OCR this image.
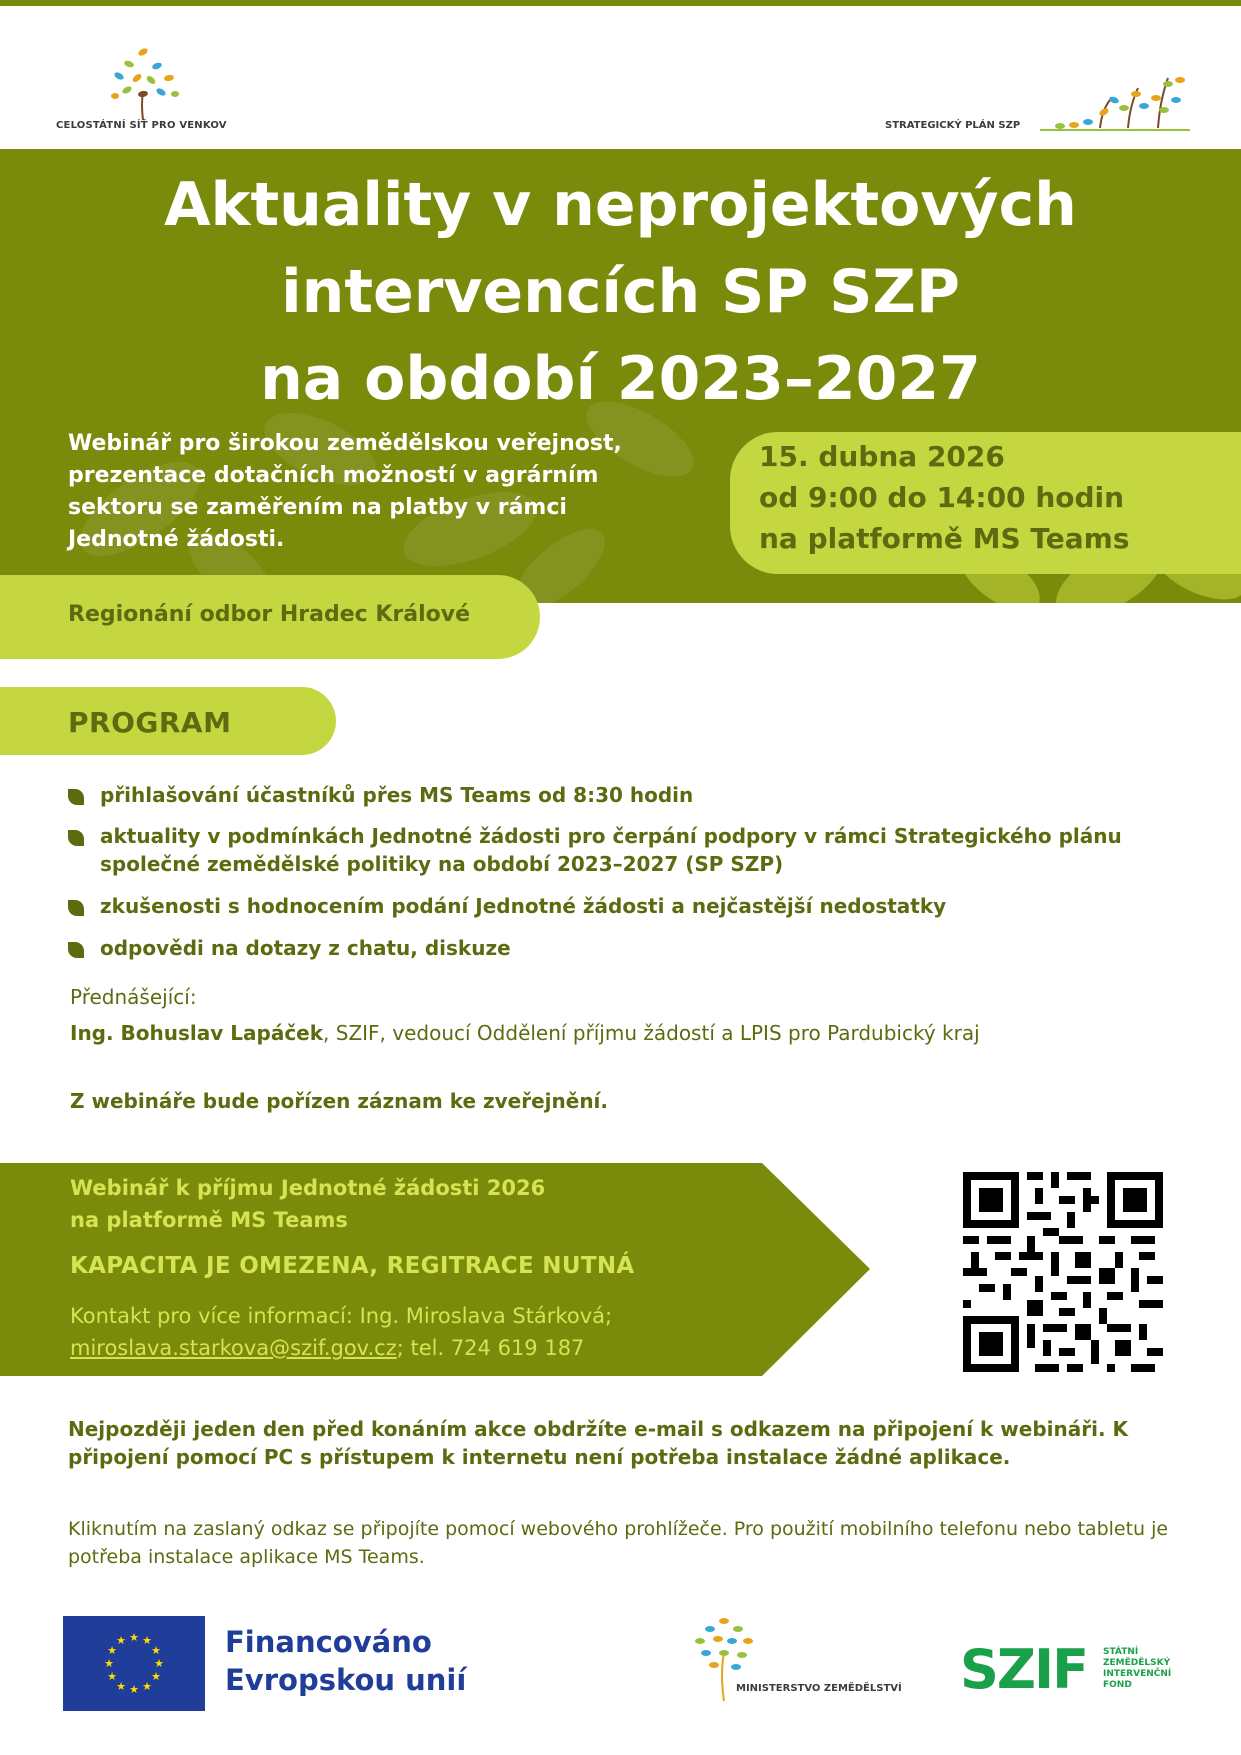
CELOSTÁTNÍ SÍŤ PRO VENKOV	STRATEGICKÝ PLÁN SZP
Aktuality v neprojektových
intervencích SP SZP
na období 2023–2027
Webinář pro širokou zemědělskou veřejnost,
prezentace dotačních možností v agrárním
sektoru se zaměřením na platby v rámci
Jednotné žádosti.
15. dubna 2026
od 9:00 do 14:00 hodin
na platformě MS Teams
Regionání odbor Hradec Králové
PROGRAM
přihlašování účastníků přes MS Teams od 8:30 hodin
aktuality v podmínkách Jednotné žádosti pro čerpání podpory v rámci Strategického plánu společné zemědělské politiky na období 2023–2027 (SP SZP)
zkušenosti s hodnocením podání Jednotné žádosti a nejčastější nedostatky
odpovědi na dotazy z chatu, diskuze
Přednášející:
Ing. Bohuslav Lapáček, SZIF, vedoucí Oddělení příjmu žádostí a LPIS pro Pardubický kraj
Z webináře bude pořízen záznam ke zveřejnění.
Webinář k příjmu Jednotné žádosti 2026
na platformě MS Teams
KAPACITA JE OMEZENA, REGITRACE NUTNÁ
Kontakt pro více informací: Ing. Miroslava Stárková;
miroslava.starkova@szif.gov.cz; tel. 724 619 187
Nejpozději jeden den před konáním akce obdržíte e-mail s odkazem na připojení k webináři. K připojení pomocí PC s přístupem k internetu není potřeba instalace žádné aplikace.
Kliknutím na zaslaný odkaz se připojíte pomocí webového prohlížeče. Pro použití mobilního telefonu nebo tabletu je potřeba instalace aplikace MS Teams.
★ ★
★
★
★
★
★
★
★
★
★
★	Financováno
Evropskou unií	MINISTERSTVO ZEMĚDĚLSTVÍ SZIF STÁTNÍ
ZEMĚDĚLSKÝ
INTERVENČNÍ
FOND
